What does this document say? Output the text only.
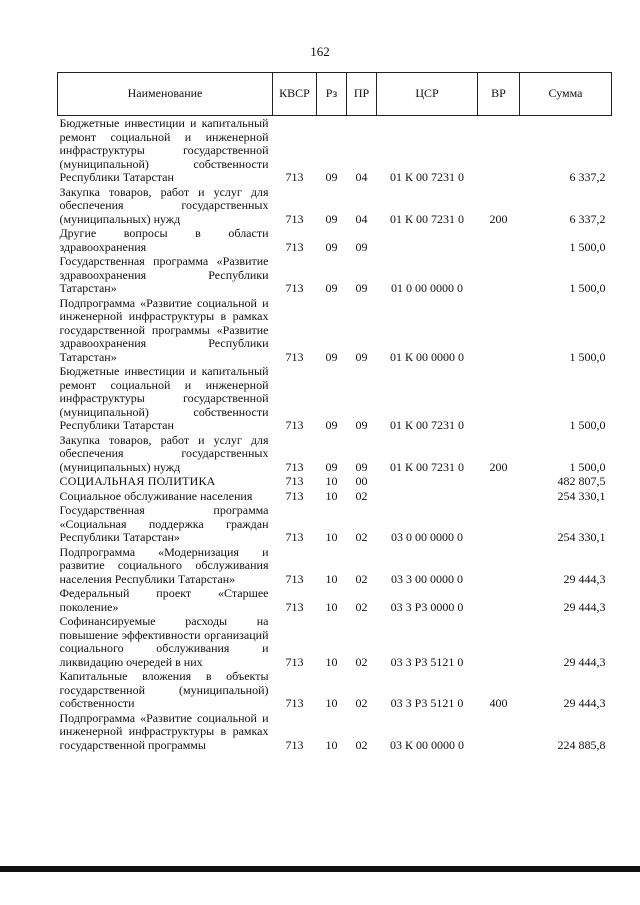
162
Наименование	КВСР	Рз	ПР	ЦСР	ВР	Сумма
Бюджетные инвестиции и капитальный ремонт социальной и инженерной инфраструктуры государственной (муниципальной) собственности Республики Татарстан	713	09	04	01 К 00 7231 0		6 337,2
Закупка товаров, работ и услуг для обеспечения государственных (муниципальных) нужд	713	09	04	01 К 00 7231 0	200	6 337,2
Другие вопросы в области здравоохранения	713	09	09			1 500,0
Государственная программа «Развитие здравоохранения Республики Татарстан»	713	09	09	01 0 00 0000 0		1 500,0
Подпрограмма «Развитие социальной и инженерной инфраструктуры в рамках государственной программы «Развитие здравоохранения Республики Татарстан»	713	09	09	01 К 00 0000 0		1 500,0
Бюджетные инвестиции и капитальный ремонт социальной и инженерной инфраструктуры государственной (муниципальной) собственности Республики Татарстан	713	09	09	01 К 00 7231 0		1 500,0
Закупка товаров, работ и услуг для обеспечения государственных (муниципальных) нужд	713	09	09	01 К 00 7231 0	200	1 500,0
СОЦИАЛЬНАЯ ПОЛИТИКА	713	10	00			482 807,5
Социальное обслуживание населения	713	10	02			254 330,1
Государственная программа «Социальная поддержка граждан Республики Татарстан»	713	10	02	03 0 00 0000 0		254 330,1
Подпрограмма «Модернизация и развитие социального обслуживания населения Республики Татарстан»	713	10	02	03 3 00 0000 0		29 444,3
Федеральный проект «Старшее поколение»	713	10	02	03 3 P3 0000 0		29 444,3
Софинансируемые расходы на повышение эффективности организаций социального обслуживания и ликвидацию очередей в них	713	10	02	03 3 P3 5121 0		29 444,3
Капитальные вложения в объекты государственной (муниципальной) собственности	713	10	02	03 3 P3 5121 0	400	29 444,3
Подпрограмма «Развитие социальной и инженерной инфраструктуры в рамках государственной программы	713	10	02	03 К 00 0000 0		224 885,8
